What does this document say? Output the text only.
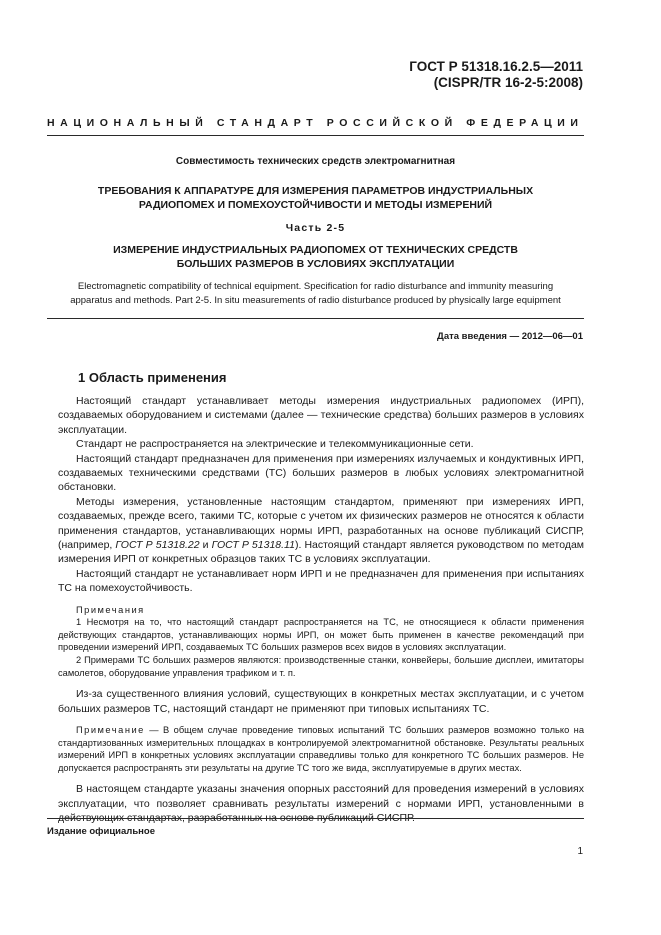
ГОСТ Р 51318.16.2.5—2011
(CISPR/TR 16-2-5:2008)
НАЦИОНАЛЬНЫЙ СТАНДАРТ РОССИЙСКОЙ ФЕДЕРАЦИИ
Совместимость технических средств электромагнитная
ТРЕБОВАНИЯ К АППАРАТУРЕ ДЛЯ ИЗМЕРЕНИЯ ПАРАМЕТРОВ ИНДУСТРИАЛЬНЫХ
РАДИОПОМЕХ И ПОМЕХОУСТОЙЧИВОСТИ И МЕТОДЫ ИЗМЕРЕНИЙ
Часть 2-5
ИЗМЕРЕНИЕ ИНДУСТРИАЛЬНЫХ РАДИОПОМЕХ ОТ ТЕХНИЧЕСКИХ СРЕДСТВ
БОЛЬШИХ РАЗМЕРОВ В УСЛОВИЯХ ЭКСПЛУАТАЦИИ
Electromagnetic compatibility of technical equipment. Specification for radio disturbance and immunity measuring
apparatus and methods. Part 2-5. In situ measurements of radio disturbance produced by physically large equipment
Дата введения — 2012—06—01
1 Область применения

Настоящий стандарт устанавливает методы измерения индустриальных радиопомех (ИРП), создаваемых оборудованием и системами (далее — технические средства) больших размеров в условиях эксплуатации.

Стандарт не распространяется на электрические и телекоммуникационные сети.

Настоящий стандарт предназначен для применения при измерениях излучаемых и кондуктивных ИРП, создаваемых техническими средствами (ТС) больших размеров в любых условиях электромагнитной обстановки.

Методы измерения, установленные настоящим стандартом, применяют при измерениях ИРП, создаваемых, прежде всего, такими ТС, которые с учетом их физических размеров не относятся к области применения стандартов, устанавливающих нормы ИРП, разработанных на основе публикаций СИСПР, (например, ГОСТ Р 51318.22 и ГОСТ Р 51318.11). Настоящий стандарт является руководством по методам измерения ИРП от конкретных образцов таких ТС в условиях эксплуатации.

Настоящий стандарт не устанавливает норм ИРП и не предназначен для применения при испытаниях ТС на помехоустойчивость.

Примечания

1 Несмотря на то, что настоящий стандарт распространяется на ТС, не относящиеся к области применения действующих стандартов, устанавливающих нормы ИРП, он может быть применен в качестве рекомендаций при проведении измерений ИРП, создаваемых ТС больших размеров всех видов в условиях эксплуатации.

2 Примерами ТС больших размеров являются: производственные станки, конвейеры, большие дисплеи, имитаторы самолетов, оборудование управления трафиком и т. п.

Из-за существенного влияния условий, существующих в конкретных местах эксплуатации, и с учетом больших размеров ТС, настоящий стандарт не применяют при типовых испытаниях ТС.

Примечание — В общем случае проведение типовых испытаний ТС больших размеров возможно только на стандартизованных измерительных площадках в контролируемой электромагнитной обстановке. Результаты реальных измерений ИРП в конкретных условиях эксплуатации справедливы только для конкретного ТС больших размеров. Не допускается распространять эти результаты на другие ТС того же вида, эксплуатируемые в других местах.

В настоящем стандарте указаны значения опорных расстояний для проведения измерений в условиях эксплуатации, что позволяет сравнивать результаты измерений с нормами ИРП, установленными в действующих стандартах, разработанных на основе публикаций СИСПР.

Издание официальное
1
